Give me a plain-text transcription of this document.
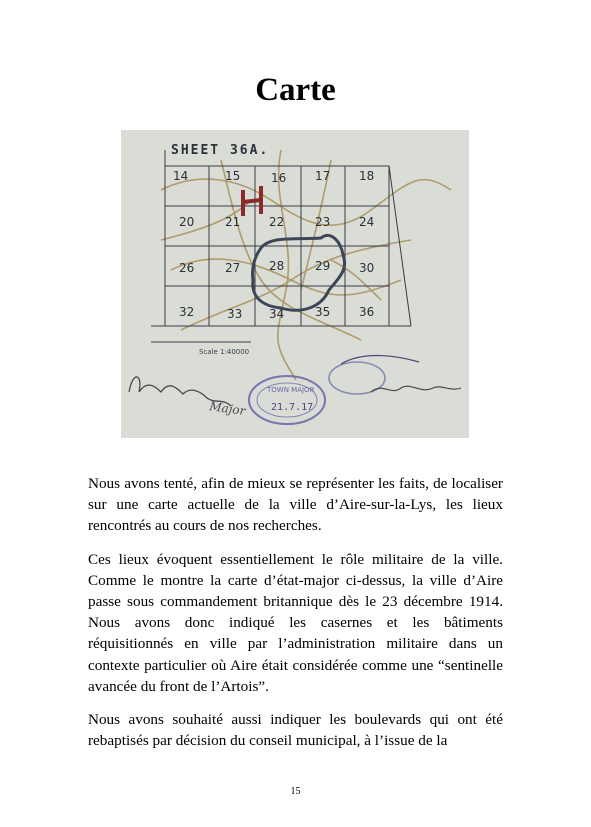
Carte
SHEET 36A.
14	15	16 17 18
20	21 22	23 24
26	27 28	29 30
32	33 34	35 36
Scale 1:40000
Major
TOWN MAJOR
21.7.17

Nous avons tenté, afin de mieux se représenter les faits, de localiser sur une carte actuelle de la ville d’Aire-sur-la-Lys, les lieux rencontrés au cours de nos recherches.

Ces lieux évoquent essentiellement le rôle militaire de la ville. Comme le montre la carte d’état-major ci-dessus, la ville d’Aire passe sous commandement britannique dès le 23 décembre 1914. Nous avons donc indiqué les casernes et les bâtiments réquisitionnés en ville par l’administration militaire dans un contexte particulier où Aire était considérée comme une “sentinelle avancée du front de l’Artois”.

Nous avons souhaité aussi indiquer les boulevards qui ont été rebaptisés par décision du conseil municipal, à l’issue de la

15
